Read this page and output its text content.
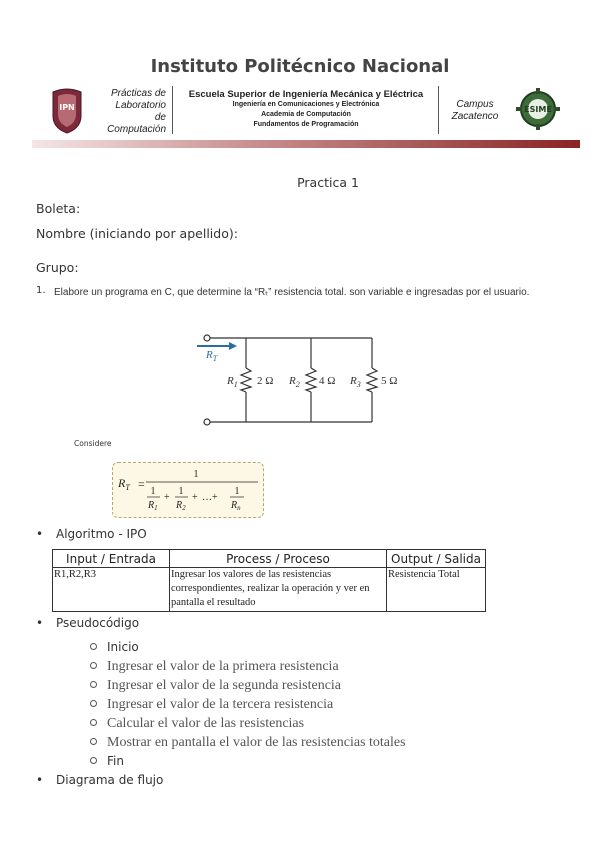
Instituto Politécnico Nacional
IPN
Prácticas de
Laboratorio
de
Computación
Escuela Superior de Ingeniería Mecánica y Eléctrica
Ingeniería en Comunicaciones y Electrónica
Academia de Computación
Fundamentos de Programación
Campus
Zacatenco
ESIME
Practica 1
Boleta:
Nombre (iniciando por apellido):
Grupo:
1. Elabore un programa en C, que determine la “Rₜ” resistencia total. son variable e ingresadas por el usuario.
$R_T$
$R_1$ 2 Ω $R_2$ 4 Ω $R_3$ 5 Ω
Considere
$R_T$ =
1
1
$R_1$
+
1
$R_2$
+ …+
1
$R_n$
• Algoritmo - IPO
Input / Entrada	Process / Proceso	Output / Salida
R1,R2,R3	Ingresar los valores de las resistencias correspondientes, realizar la operación y ver en pantalla el resultado	Resistencia Total
• Pseudocódigo
Inicio
Ingresar el valor de la primera resistencia
Ingresar el valor de la segunda resistencia
Ingresar el valor de la tercera resistencia
Calcular el valor de las resistencias
Mostrar en pantalla el valor de las resistencias totales
Fin
• Diagrama de flujo
